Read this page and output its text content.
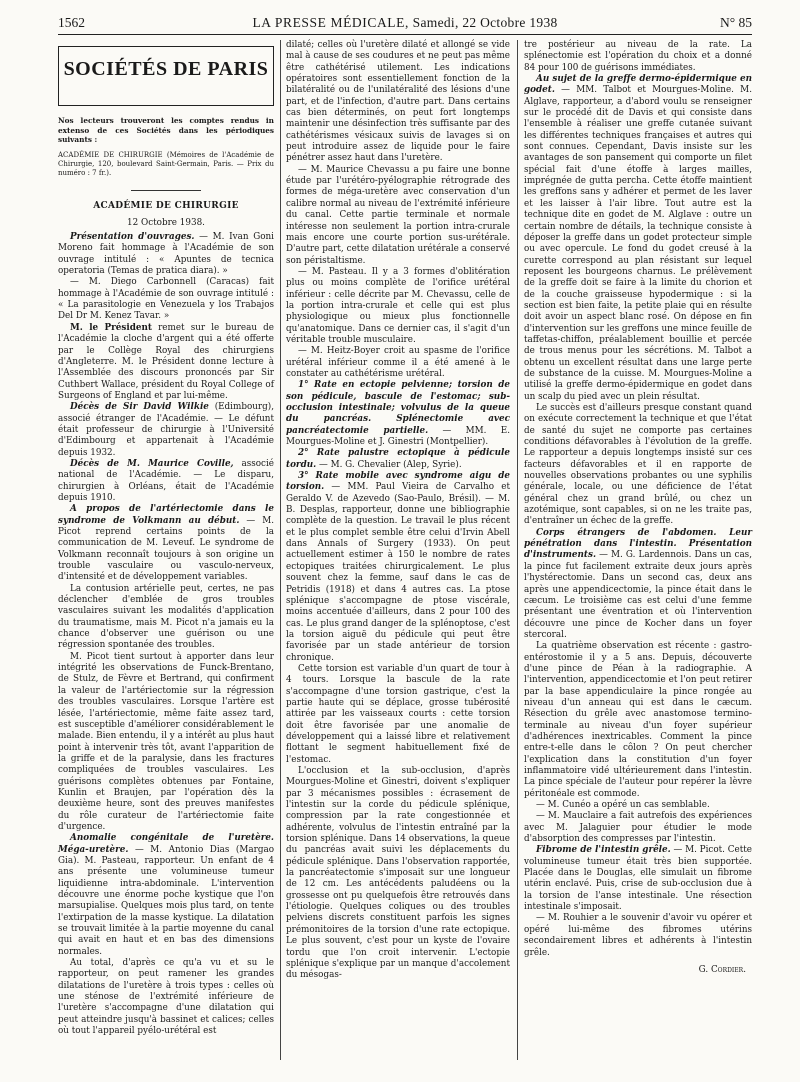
1562	LA PRESSE MÉDICALE, Samedi, 22 Octobre 1938	N° 85
SOCIÉTÉS DE PARIS
Nos lecteurs trouveront les comptes rendus in extenso de ces Sociétés dans les périodiques suivants :
ACADÉMIE DE CHIRURGIE (Mémoires de l'Académie de Chirurgie, 120, boulevard Saint-Germain, Paris. — Prix du numéro : 7 fr.).
ACADÉMIE DE CHIRURGIE
12 Octobre 1938.

Présentation d'ouvrages. — M. Ivan Goni Moreno fait hommage à l'Académie de son ouvrage intitulé : « Apuntes de tecnica operatoria (Temas de pratica diara). »

— M. Diego Carbonnell (Caracas) fait hommage à l'Académie de son ouvrage intitulé : « La parasitologie en Venezuela y los Trabajos Del Dr M. Kenez Tavar. »

M. le Président remet sur le bureau de l'Académie la cloche d'argent qui a été offerte par le Collège Royal des chirurgiens d'Angleterre. M. le Président donne lecture à l'Assemblée des discours prononcés par Sir Cuthbert Wallace, président du Royal College of Surgeons of England et par lui-même.

Décès de Sir David Wilkie (Edimbourg), associé étranger de l'Académie. — Le défunt était professeur de chirurgie à l'Université d'Edimbourg et appartenait à l'Académie depuis 1932.

Décès de M. Maurice Coville, associé national de l'Académie. — Le disparu, chirurgien à Orléans, était de l'Académie depuis 1910.

A propos de l'artériectomie dans le syndrome de Volkmann au début. — M. Picot reprend certains points de la communication de M. Leveuf. Le syndrome de Volkmann reconnaît toujours à son origine un trouble vasculaire ou vasculo-nerveux, d'intensité et de développement variables.

La contusion artérielle peut, certes, ne pas déclencher d'emblée de gros troubles vasculaires suivant les modalités d'application du traumatisme, mais M. Picot n'a jamais eu la chance d'observer une guérison ou une régression spontanée des troubles.

M. Picot tient surtout à apporter dans leur intégrité les observations de Funck-Brentano, de Stulz, de Fèvre et Bertrand, qui confirment la valeur de l'artériectomie sur la régression des troubles vasculaires. Lorsque l'artère est lésée, l'artériectomie, même faite assez tard, est susceptible d'améliorer considérablement le malade. Bien entendu, il y a intérêt au plus haut point à intervenir très tôt, avant l'apparition de la griffe et de la paralysie, dans les fractures compliquées de troubles vasculaires. Les guérisons complètes obtenues par Fontaine, Kunlin et Braujen, par l'opération dès la deuxième heure, sont des preuves manifestes du rôle curateur de l'artériectomie faite d'urgence.

Anomalie congénitale de l'uretère. Méga-uretère. — M. Antonio Dias (Margao Gia). M. Pasteau, rapporteur. Un enfant de 4 ans présente une volumineuse tumeur liquidienne intra-abdominale. L'intervention découvre une énorme poche kystique que l'on marsupialise. Quelques mois plus tard, on tente l'extirpation de la masse kystique. La dilatation se trouvait limitée à la partie moyenne du canal qui avait en haut et en bas des dimensions normales.

Au total, d'après ce qu'a vu et su le rapporteur, on peut ramener les grandes dilatations de l'uretère à trois types : celles où une sténose de l'extrémité inférieure de l'uretère s'accompagne d'une dilatation qui peut atteindre jusqu'à bassinet et calices; celles où tout l'appareil pyélo-urétéral est

dilaté; celles où l'uretère dilaté et allongé se vide mal à cause de ses coudures et ne peut pas même être cathétérisé utilement. Les indications opératoires sont essentiellement fonction de la bilatéralité ou de l'unilatéralité des lésions d'une part, et de l'infection, d'autre part. Dans certains cas bien déterminés, on peut fort longtemps maintenir une désinfection très suffisante par des cathétérismes vésicaux suivis de lavages si on peut introduire assez de liquide pour le faire pénétrer assez haut dans l'uretère.

— M. Maurice Chevassu a pu faire une bonne étude par l'urétéro-pyélographie rétrograde des formes de méga-uretère avec conservation d'un calibre normal au niveau de l'extrémité inférieure du canal. Cette partie terminale et normale intéresse non seulement la portion intra-crurale mais encore une courte portion sus-urétérale. D'autre part, cette dilatation urétérale a conservé son péristaltisme.

— M. Pasteau. Il y a 3 formes d'oblitération plus ou moins complète de l'orifice urétéral inférieur : celle décrite par M. Chevassu, celle de la portion intra-crurale et celle qui est plus physiologique ou mieux plus fonctionnelle qu'anatomique. Dans ce dernier cas, il s'agit d'un véritable trouble musculaire.

— M. Heitz-Boyer croit au spasme de l'orifice urétéral inférieur comme il a été amené à le constater au cathétérisme urétéral.

1° Rate en ectopie pelvienne; torsion de son pédicule, bascule de l'estomac; sub-occlusion intestinale; volvulus de la queue du pancréas. Splénectomie avec pancréatectomie partielle. — MM. E. Mourgues-Moline et J. Ginestri (Montpellier).

2° Rate palustre ectopique à pédicule tordu. — M. G. Chevalier (Alep, Syrie).

3° Rate mobile avec syndrome aigu de torsion. — MM. Paul Vieira de Carvalho et Geraldo V. de Azevedo (Sao-Paulo, Brésil). — M. B. Desplas, rapporteur, donne une bibliographie complète de la question. Le travail le plus récent et le plus complet semble être celui d'Irvin Abell dans Annals of Surgery (1933). On peut actuellement estimer à 150 le nombre de rates ectopiques traitées chirurgicalement. Le plus souvent chez la femme, sauf dans le cas de Petridis (1918) et dans 4 autres cas. La ptose splénique s'accompagne de ptose viscérale, moins accentuée d'ailleurs, dans 2 pour 100 des cas. Le plus grand danger de la splénoptose, c'est la torsion aiguë du pédicule qui peut être favorisée par un stade antérieur de torsion chronique.

Cette torsion est variable d'un quart de tour à 4 tours. Lorsque la bascule de la rate s'accompagne d'une torsion gastrique, c'est la partie haute qui se déplace, grosse tubérosité attirée par les vaisseaux courts : cette torsion doit être favorisée par une anomalie de développement qui a laissé libre et relativement flottant le segment habituellement fixé de l'estomac.

L'occlusion et la sub-occlusion, d'après Mourgues-Moline et Ginestri, doivent s'expliquer par 3 mécanismes possibles : écrasement de l'intestin sur la corde du pédicule splénique, compression par la rate congestionnée et adhérente, volvulus de l'intestin entraîné par la torsion splénique. Dans 14 observations, la queue du pancréas avait suivi les déplacements du pédicule splénique. Dans l'observation rapportée, la pancréatectomie s'imposait sur une longueur de 12 cm. Les antécédents paludéens ou la grossesse ont pu quelquefois être retrouvés dans l'étiologie. Quelques coliques ou des troubles pelviens discrets constituent parfois les signes prémonitoires de la torsion d'une rate ectopique. Le plus souvent, c'est pour un kyste de l'ovaire tordu que l'on croit intervenir. L'ectopie splénique s'explique par un manque d'accolement du mésogas-

tre postérieur au niveau de la rate. La splénectomie est l'opération du choix et a donné 84 pour 100 de guérisons immédiates.

Au sujet de la greffe dermo-épidermique en godet. — MM. Talbot et Mourgues-Moline. M. Alglave, rapporteur, a d'abord voulu se renseigner sur le procédé dit de Davis et qui consiste dans l'ensemble à réaliser une greffe cutanée suivant les différentes techniques françaises et autres qui sont connues. Cependant, Davis insiste sur les avantages de son pansement qui comporte un filet spécial fait d'une étoffe à larges mailles, imprégnée de gutta percha. Cette étoffe maintient les greffons sans y adhérer et permet de les laver et les laisser à l'air libre. Tout autre est la technique dite en godet de M. Alglave : outre un certain nombre de détails, la technique consiste à déposer la greffe dans un godet protecteur simple ou avec opercule. Le fond du godet creusé à la curette correspond au plan résistant sur lequel reposent les bourgeons charnus. Le prélèvement de la greffe doit se faire à la limite du chorion et de la couche graisseuse hypodermique : si la section est bien faite, la petite plaie qui en résulte doit avoir un aspect blanc rosé. On dépose en fin d'intervention sur les greffons une mince feuille de taffetas-chiffon, préalablement bouillie et percée de trous menus pour les sécrétions. M. Talbot a obtenu un excellent résultat dans une large perte de substance de la cuisse. M. Mourgues-Moline a utilisé la greffe dermo-épidermique en godet dans un scalp du pied avec un plein résultat.

Le succès est d'ailleurs presque constant quand on exécute correctement la technique et que l'état de santé du sujet ne comporte pas certaines conditions défavorables à l'évolution de la greffe. Le rapporteur a depuis longtemps insisté sur ces facteurs défavorables et il en rapporte de nouvelles observations probantes ou une syphilis générale, locale, ou une déficience de l'état général chez un grand brûlé, ou chez un azotémique, sont capables, si on ne les traite pas, d'entraîner un échec de la greffe.

Corps étrangers de l'abdomen. Leur pénétration dans l'intestin. Présentation d'instruments. — M. G. Lardennois. Dans un cas, la pince fut facilement extraite deux jours après l'hystérectomie. Dans un second cas, deux ans après une appendicectomie, la pince était dans le cæcum. Le troisième cas est celui d'une femme présentant une éventration et où l'intervention découvre une pince de Kocher dans un foyer stercoral.

La quatrième observation est récente : gastro-entérostomie il y a 5 ans. Depuis, découverte d'une pince de Péan à la radiographie. A l'intervention, appendicectomie et l'on peut retirer par la base appendiculaire la pince rongée au niveau d'un anneau qui est dans le cæcum. Résection du grêle avec anastomose termino-terminale au niveau d'un foyer supérieur d'adhérences inextricables. Comment la pince entre-t-elle dans le côlon ? On peut chercher l'explication dans la constitution d'un foyer inflammatoire vidé ultérieurement dans l'intestin. La pince spéciale de l'auteur pour repérer la lèvre péritonéale est commode.

— M. Cunéo a opéré un cas semblable.

— M. Mauclaire a fait autrefois des expériences avec M. Jalaguier pour étudier le mode d'absorption des compresses par l'intestin.

Fibrome de l'intestin grêle. — M. Picot. Cette volumineuse tumeur était très bien supportée. Placée dans le Douglas, elle simulait un fibrome utérin enclavé. Puis, crise de sub-occlusion due à la torsion de l'anse intestinale. Une résection intestinale s'imposait.

— M. Rouhier a le souvenir d'avoir vu opérer et opéré lui-même des fibromes utérins secondairement libres et adhérents à l'intestin grêle.

G. Cordier.
